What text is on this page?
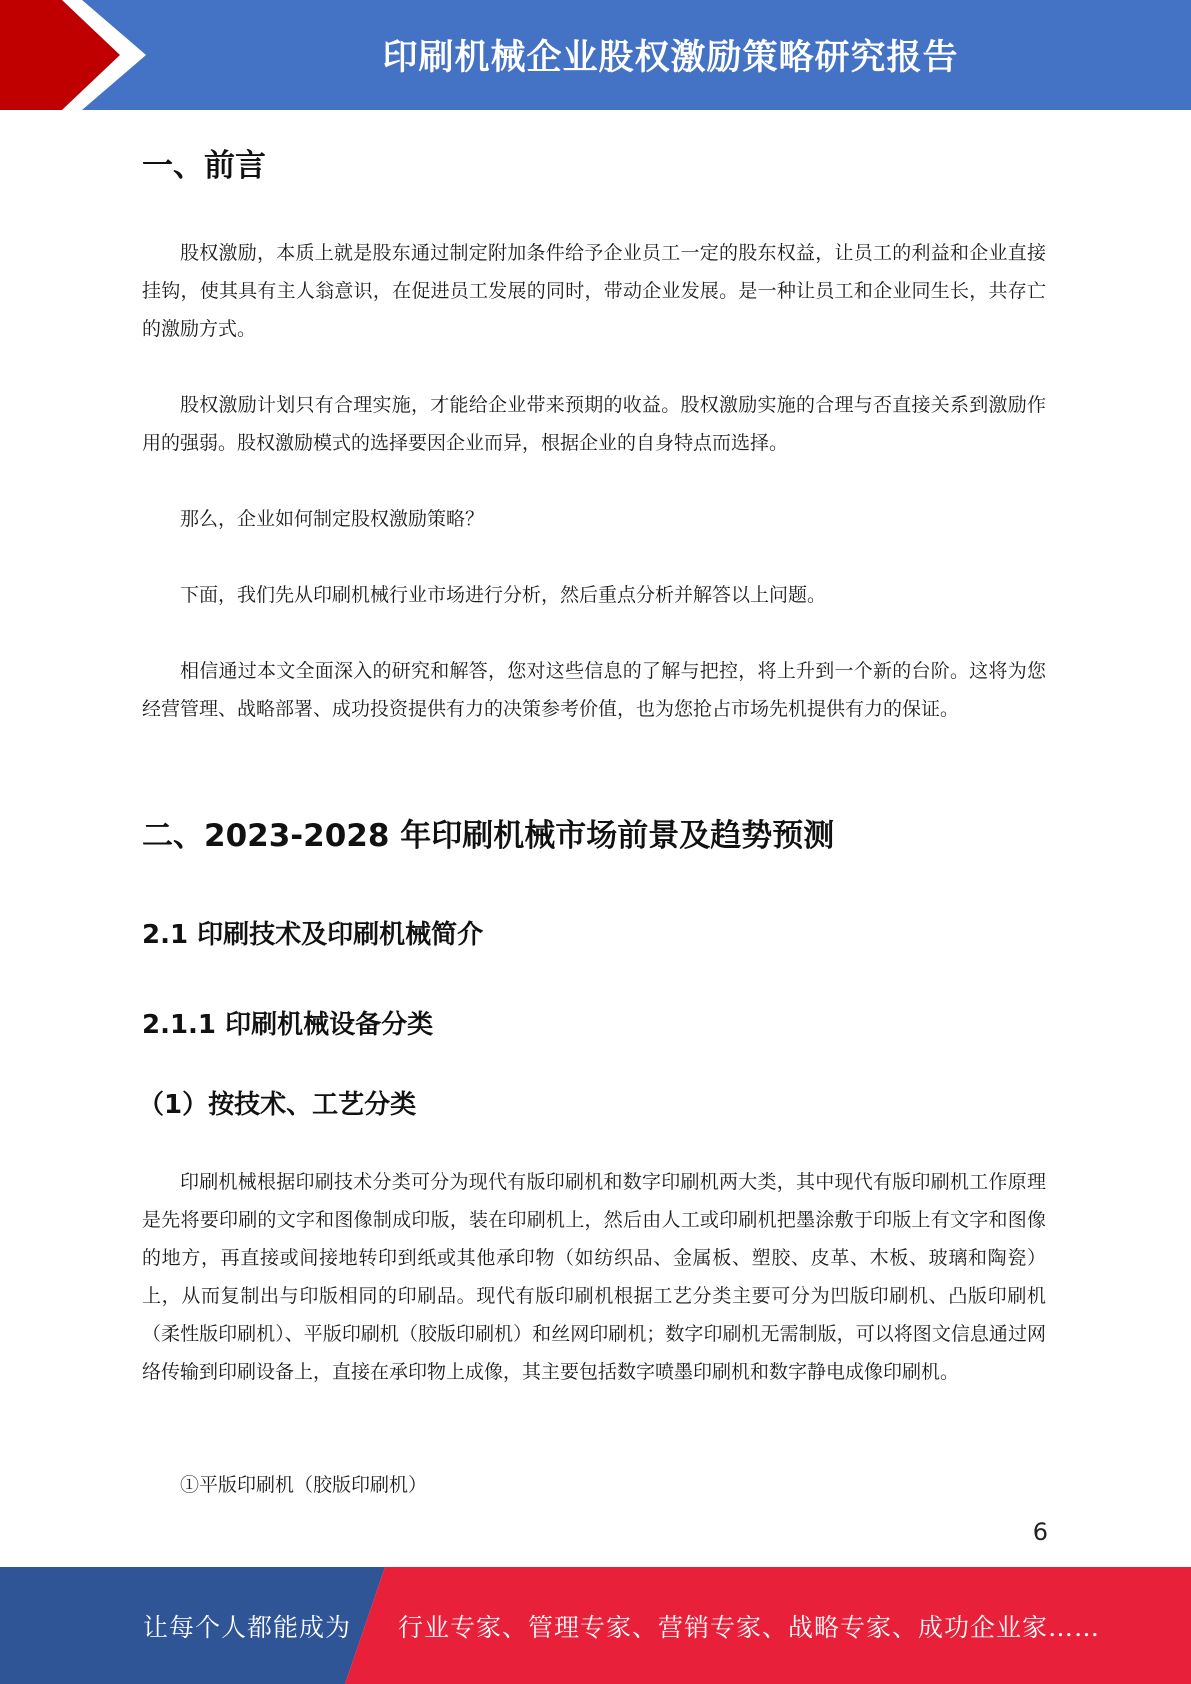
印刷机械企业股权激励策略研究报告
一、前言

股权激励，本质上就是股东通过制定附加条件给予企业员工一定的股东权益，让员工的利益和企业直接挂钩，使其具有主人翁意识，在促进员工发展的同时，带动企业发展。是一种让员工和企业同生长，共存亡的激励方式。

股权激励计划只有合理实施，才能给企业带来预期的收益。股权激励实施的合理与否直接关系到激励作用的强弱。股权激励模式的选择要因企业而异，根据企业的自身特点而选择。

那么，企业如何制定股权激励策略？

下面，我们先从印刷机械行业市场进行分析，然后重点分析并解答以上问题。

相信通过本文全面深入的研究和解答，您对这些信息的了解与把控，将上升到一个新的台阶。这将为您经营管理、战略部署、成功投资提供有力的决策参考价值，也为您抢占市场先机提供有力的保证。

二、2023-2028 年印刷机械市场前景及趋势预测
2.1 印刷技术及印刷机械简介
2.1.1 印刷机械设备分类
（1）按技术、工艺分类

印刷机械根据印刷技术分类可分为现代有版印刷机和数字印刷机两大类，其中现代有版印刷机工作原理是先将要印刷的文字和图像制成印版，装在印刷机上，然后由人工或印刷机把墨涂敷于印版上有文字和图像的地方，再直接或间接地转印到纸或其他承印物（如纺织品、金属板、塑胶、皮革、木板、玻璃和陶瓷）上，从而复制出与印版相同的印刷品。现代有版印刷机根据工艺分类主要可分为凹版印刷机、凸版印刷机（柔性版印刷机）、平版印刷机（胶版印刷机）和丝网印刷机；数字印刷机无需制版，可以将图文信息通过网络传输到印刷设备上，直接在承印物上成像，其主要包括数字喷墨印刷机和数字静电成像印刷机。

①平版印刷机（胶版印刷机）

6
让每个人都能成为 行业专家、管理专家、营销专家、战略专家、成功企业家……
